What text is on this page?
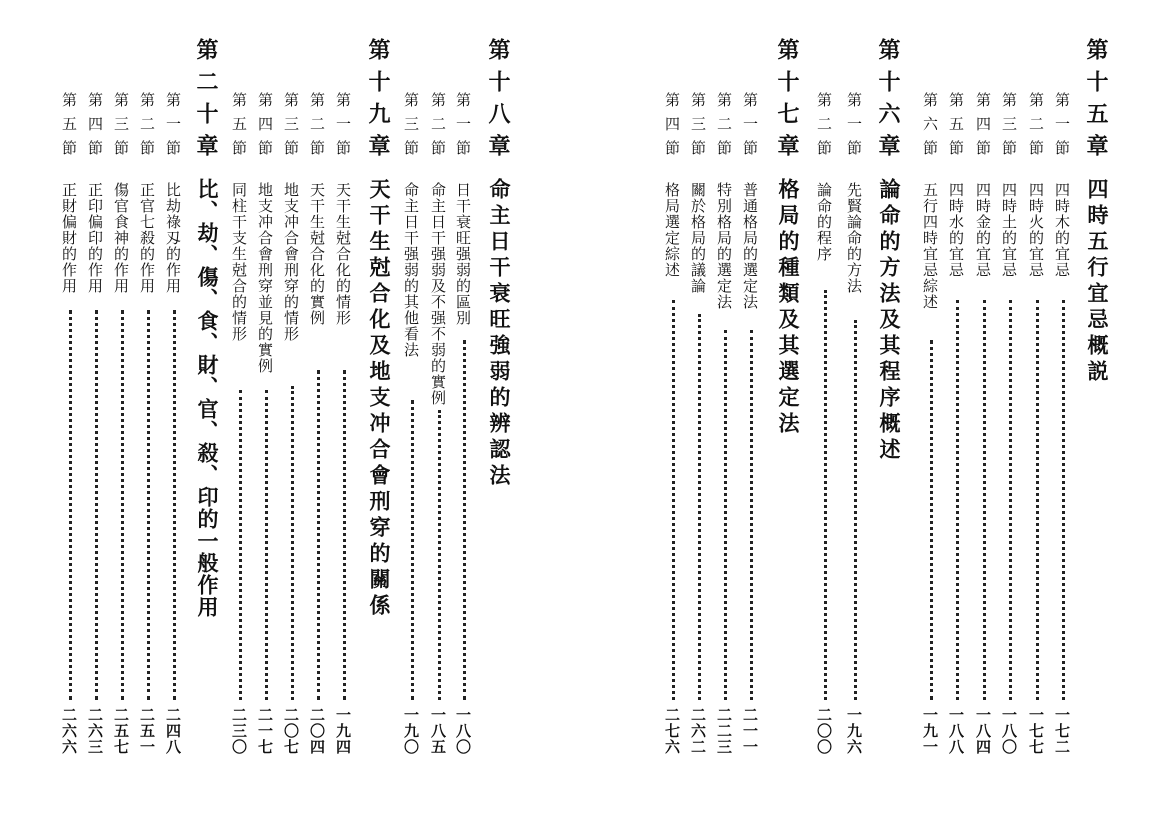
第十八章
命主日干衰旺強弱的辨認法
第一節
日干衰旺强弱的區別
一八〇
第二節
命主日干强弱及不强不弱的實例
一八五
第三節
命主日干强弱的其他看法
一九〇
第十九章
天干生尅合化及地支冲合會刑穿的關係
第一節
天干生尅合化的情形
一九四
第二節
天干生尅合化的實例
二〇四
第三節
地支冲合會刑穿的情形
二〇七
第四節
地支冲合會刑穿並見的實例
二一七
第五節
同柱干支生尅合的情形
二三〇
第二十章
比、劫、傷、食、財、官、殺、印的一般作用
第一節
比劫祿刄的作用
二四八
第二節
正官七殺的作用
二五一
第三節
傷官食神的作用
二五七
第四節
正印偏印的作用
二六三
第五節
正財偏財的作用
二六六
第十五章
四時五行宜忌概説
第一節
四時木的宜忌
一七二
第二節
四時火的宜忌
一七七
第三節
四時土的宜忌
一八〇
第四節
四時金的宜忌
一八四
第五節
四時水的宜忌
一八八
第六節
五行四時宜忌綜述
一九一
第十六章
論命的方法及其程序概述
第一節
先賢論命的方法
一九六
第二節
論命的程序
二〇〇
第十七章
格局的種類及其選定法
第一節
普通格局的選定法
二一一
第二節
特別格局的選定法
二二三
第三節
關於格局的議論
二六二
第四節
格局選定綜述
二七六
